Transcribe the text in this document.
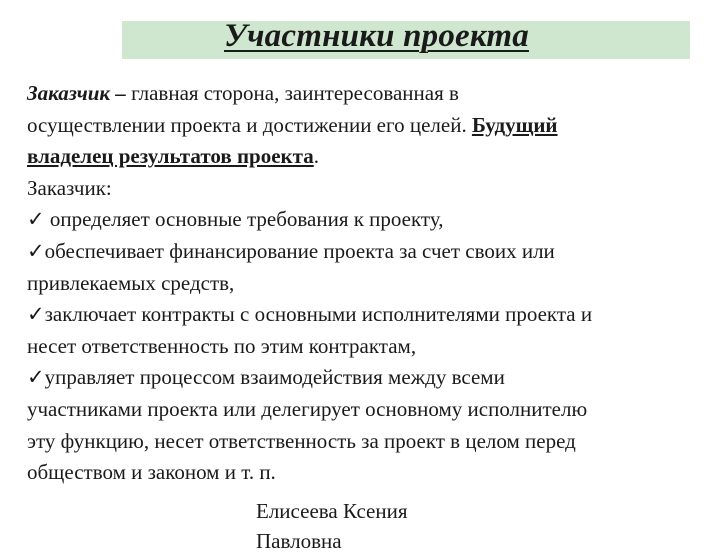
Участники проекта
Заказчик – главная сторона, заинтересованная в
осуществлении проекта и достижении его целей. Будущий
владелец результатов проекта.
Заказчик:
✓ определяет основные требования к проекту,
✓обеспечивает финансирование проекта за счет своих или
привлекаемых средств,
✓заключает контракты с основными исполнителями проекта и
несет ответственность по этим контрактам,
✓управляет процессом взаимодействия между всеми
участниками проекта или делегирует основному исполнителю
эту функцию, несет ответственность за проект в целом перед
обществом и законом и т. п.
Елисеева Ксения
Павловна
